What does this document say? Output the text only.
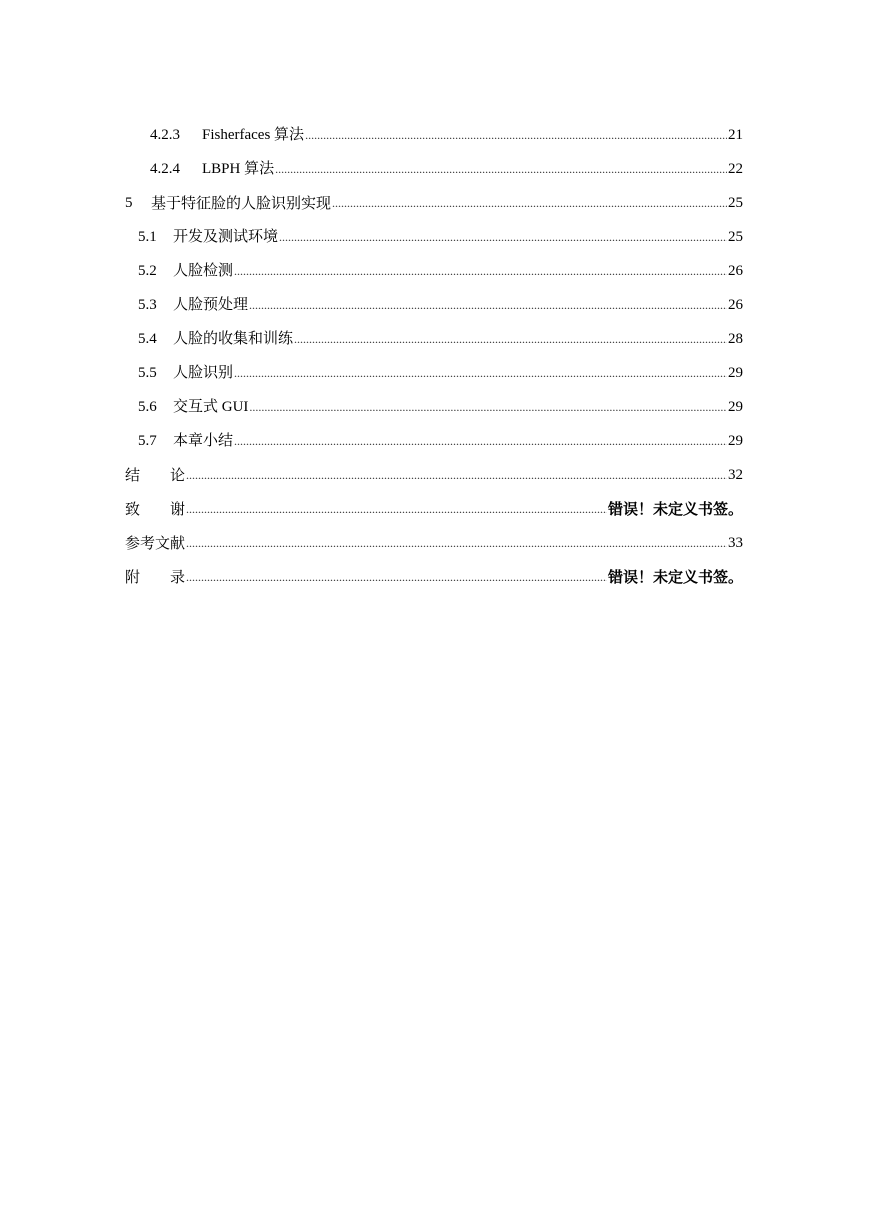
4.2.3	Fisherfaces 算法 .....	21
4.2.4	LBPH 算法 .....	22
5	基于特征脸的人脸识别实现 .....	25
5.1	开发及测试环境 .....	25
5.2	人脸检测 .....	26
5.3	人脸预处理 .....	26
5.4	人脸的收集和训练 .....	28
5.5	人脸识别 .....	29
5.6	交互式 GUI .....	29
5.7	本章小结 .....	29
结　　论 .....	32
致　　谢 .....	错误！未定义书签。
参考文献 .....	33
附　　录 .....	错误！未定义书签。
